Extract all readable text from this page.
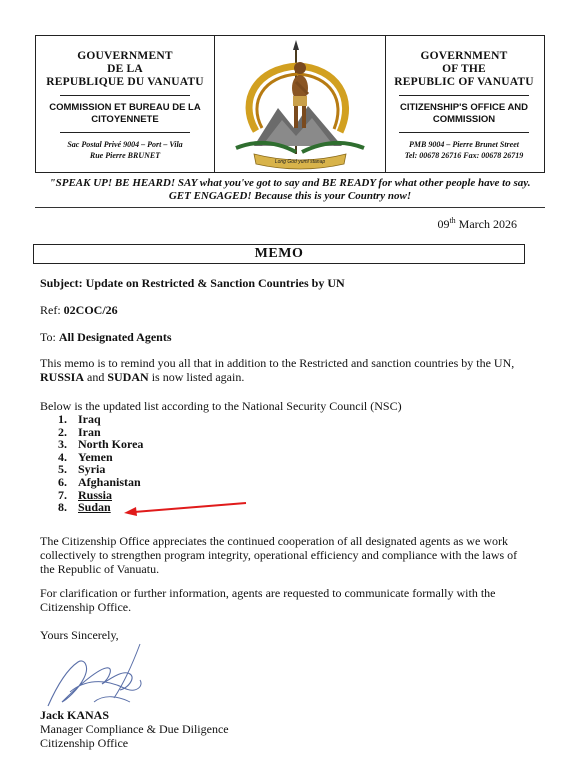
GOUVERNMENT
DE LA
REPUBLIQUE DU VANUATU
COMMISSION ET BUREAU DE LA
CITOYENNETE
Sac Postal Privé 9004 – Port – Vila
Rue Pierre BRUNET
Long God yumi stanap
GOVERNMENT
OF THE
REPUBLIC OF VANUATU
CITIZENSHIP'S OFFICE AND
COMMISSION
PMB 9004 – Pierre Brunet Street
Tel: 00678 26716 Fax: 00678 26719
"SPEAK UP! BE HEARD! SAY what you've got to say and BE READY for what other people have to say.
GET ENGAGED! Because this is your Country now!
09th March 2026
MEMO
Subject: Update on Restricted & Sanction Countries by UN
Ref: 02COC/26
To: All Designated Agents
This memo is to remind you all that in addition to the Restricted and sanction countries by the UN,
RUSSIA and SUDAN is now listed again.
Below is the updated list according to the National Security Council (NSC)
1. Iraq
2. Iran
3. North Korea
4. Yemen
5. Syria
6. Afghanistan
7. Russia
8. Sudan
The Citizenship Office appreciates the continued cooperation of all designated agents as we work
collectively to strengthen program integrity, operational efficiency and compliance with the laws of
the Republic of Vanuatu.
For clarification or further information, agents are requested to communicate formally with the
Citizenship Office.
Yours Sincerely,
Jack KANAS
Manager Compliance & Due Diligence
Citizenship Office
